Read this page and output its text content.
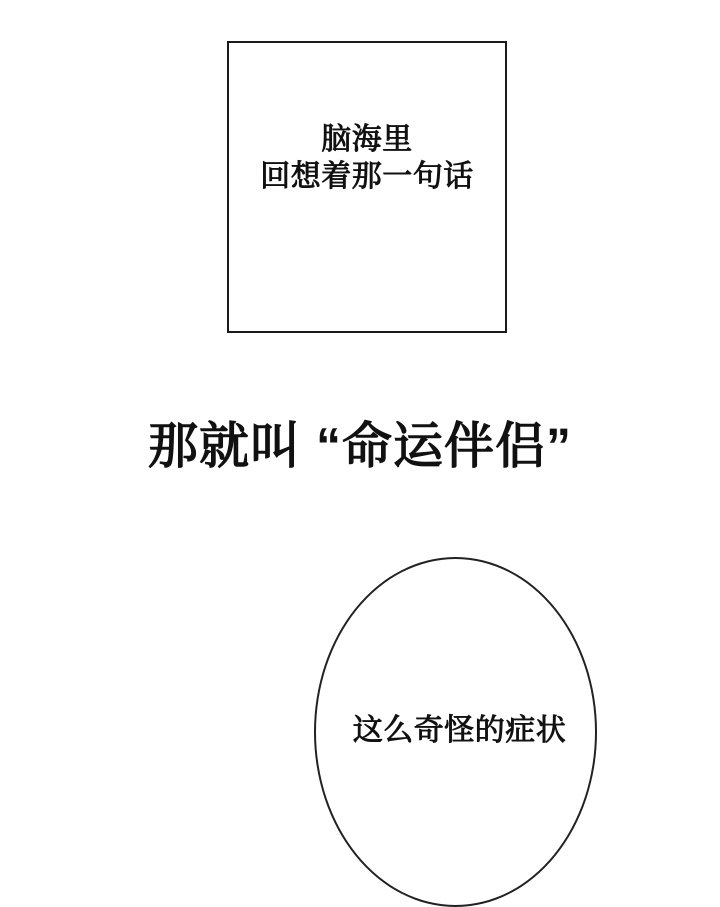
脑海里
回想着那一句话
那就叫 “命运伴侣”
这么奇怪的症状
